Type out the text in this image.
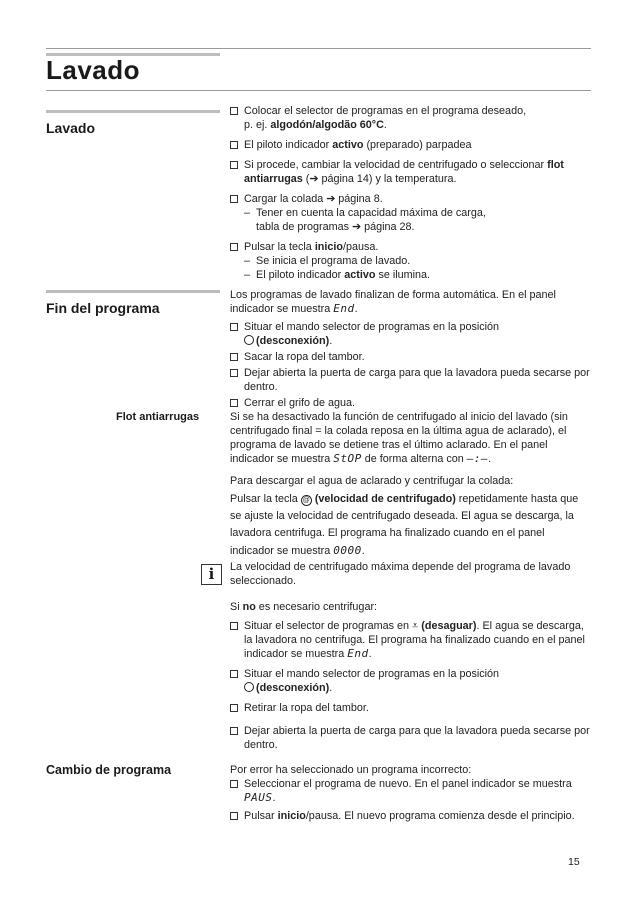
Lavado
Lavado
Fin del programa
Flot antiarrugas
Cambio de programa
Colocar el selector de programas en el programa deseado,
p. ej. algodón/algodão 60°C.
El piloto indicador activo (preparado) parpadea
Si procede, cambiar la velocidad de centrifugado o seleccionar flot antiarrugas (➔ página 14) y la temperatura.
Cargar la colada ➔ página 8.
– Tener en cuenta la capacidad máxima de carga,
tabla de programas ➔ página 28.
Pulsar la tecla inicio/pausa.
– Se inicia el programa de lavado.
– El piloto indicador activo se ilumina.
Los programas de lavado finalizan de forma automática. En el panel indicador se muestra End.
Situar el mando selector de programas en la posición
(desconexión).
Sacar la ropa del tambor.
Dejar abierta la puerta de carga para que la lavadora pueda secarse por dentro.
Cerrar el grifo de agua.
Si se ha desactivado la función de centrifugado al inicio del lavado (sin centrifugado final = la colada reposa en la última agua de aclarado), el programa de lavado se detiene tras el último aclarado. En el panel indicador se muestra StOP de forma alterna con —:—.
Para descargar el agua de aclarado y centrifugar la colada:
Pulsar la tecla @ (velocidad de centrifugado) repetidamente hasta que se ajuste la velocidad de centrifugado deseada. El agua se descarga, la lavadora centrifuga. El programa ha finalizado cuando en el panel indicador se muestra 0000.
i	La velocidad de centrifugado máxima depende del programa de lavado seleccionado.
Si no es necesario centrifugar:
Situar el selector de programas en ⩡ (desaguar). El agua se descarga, la lavadora no centrifuga. El programa ha finalizado cuando en el panel indicador se muestra End.
Situar el mando selector de programas en la posición
(desconexión).
Retirar la ropa del tambor.
Dejar abierta la puerta de carga para que la lavadora pueda secarse por dentro.
Por error ha seleccionado un programa incorrecto:
Seleccionar el programa de nuevo. En el panel indicador se muestra PAUS.
Pulsar inicio/pausa. El nuevo programa comienza desde el principio.
15
